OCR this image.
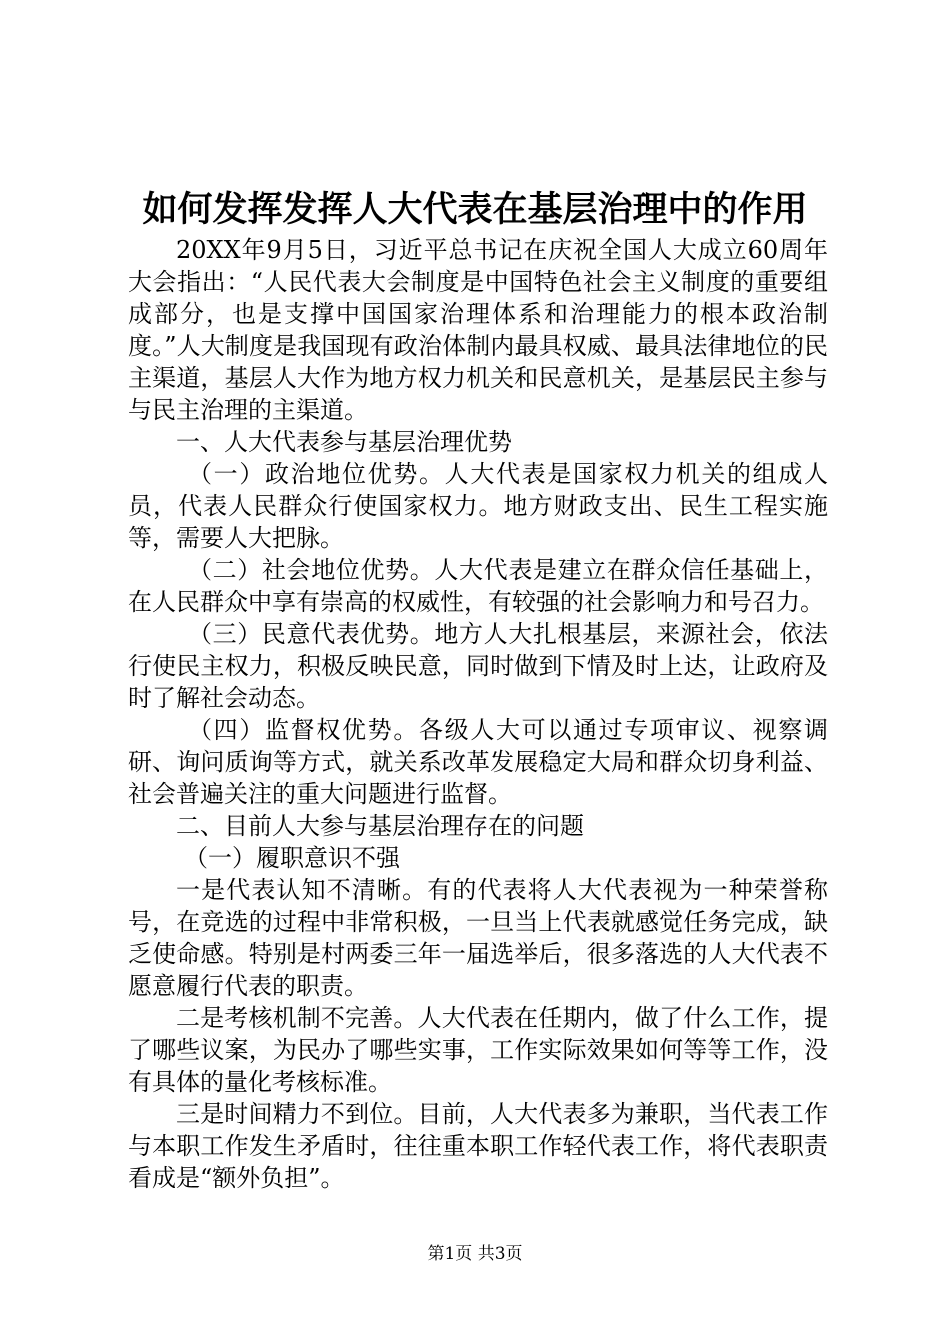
如何发挥发挥人大代表在基层治理中的作用

20XX年9月5日，习近平总书记在庆祝全国人大成立60周年大会指出：“人民代表大会制度是中国特色社会主义制度的重要组成部分，也是支撑中国国家治理体系和治理能力的根本政治制度。”人大制度是我国现有政治体制内最具权威、最具法律地位的民主渠道，基层人大作为地方权力机关和民意机关，是基层民主参与与民主治理的主渠道。

一、人大代表参与基层治理优势

（一）政治地位优势。人大代表是国家权力机关的组成人员，代表人民群众行使国家权力。地方财政支出、民生工程实施等，需要人大把脉。

（二）社会地位优势。人大代表是建立在群众信任基础上，在人民群众中享有崇高的权威性，有较强的社会影响力和号召力。

（三）民意代表优势。地方人大扎根基层，来源社会，依法行使民主权力，积极反映民意，同时做到下情及时上达，让政府及时了解社会动态。

（四）监督权优势。各级人大可以通过专项审议、视察调研、询问质询等方式，就关系改革发展稳定大局和群众切身利益、社会普遍关注的重大问题进行监督。

二、目前人大参与基层治理存在的问题

（一）履职意识不强

一是代表认知不清晰。有的代表将人大代表视为一种荣誉称号，在竞选的过程中非常积极，一旦当上代表就感觉任务完成，缺乏使命感。特别是村两委三年一届选举后，很多落选的人大代表不愿意履行代表的职责。

二是考核机制不完善。人大代表在任期内，做了什么工作，提了哪些议案，为民办了哪些实事，工作实际效果如何等等工作，没有具体的量化考核标准。

三是时间精力不到位。目前，人大代表多为兼职，当代表工作与本职工作发生矛盾时，往往重本职工作轻代表工作，将代表职责看成是“额外负担”。

第1页 共3页
